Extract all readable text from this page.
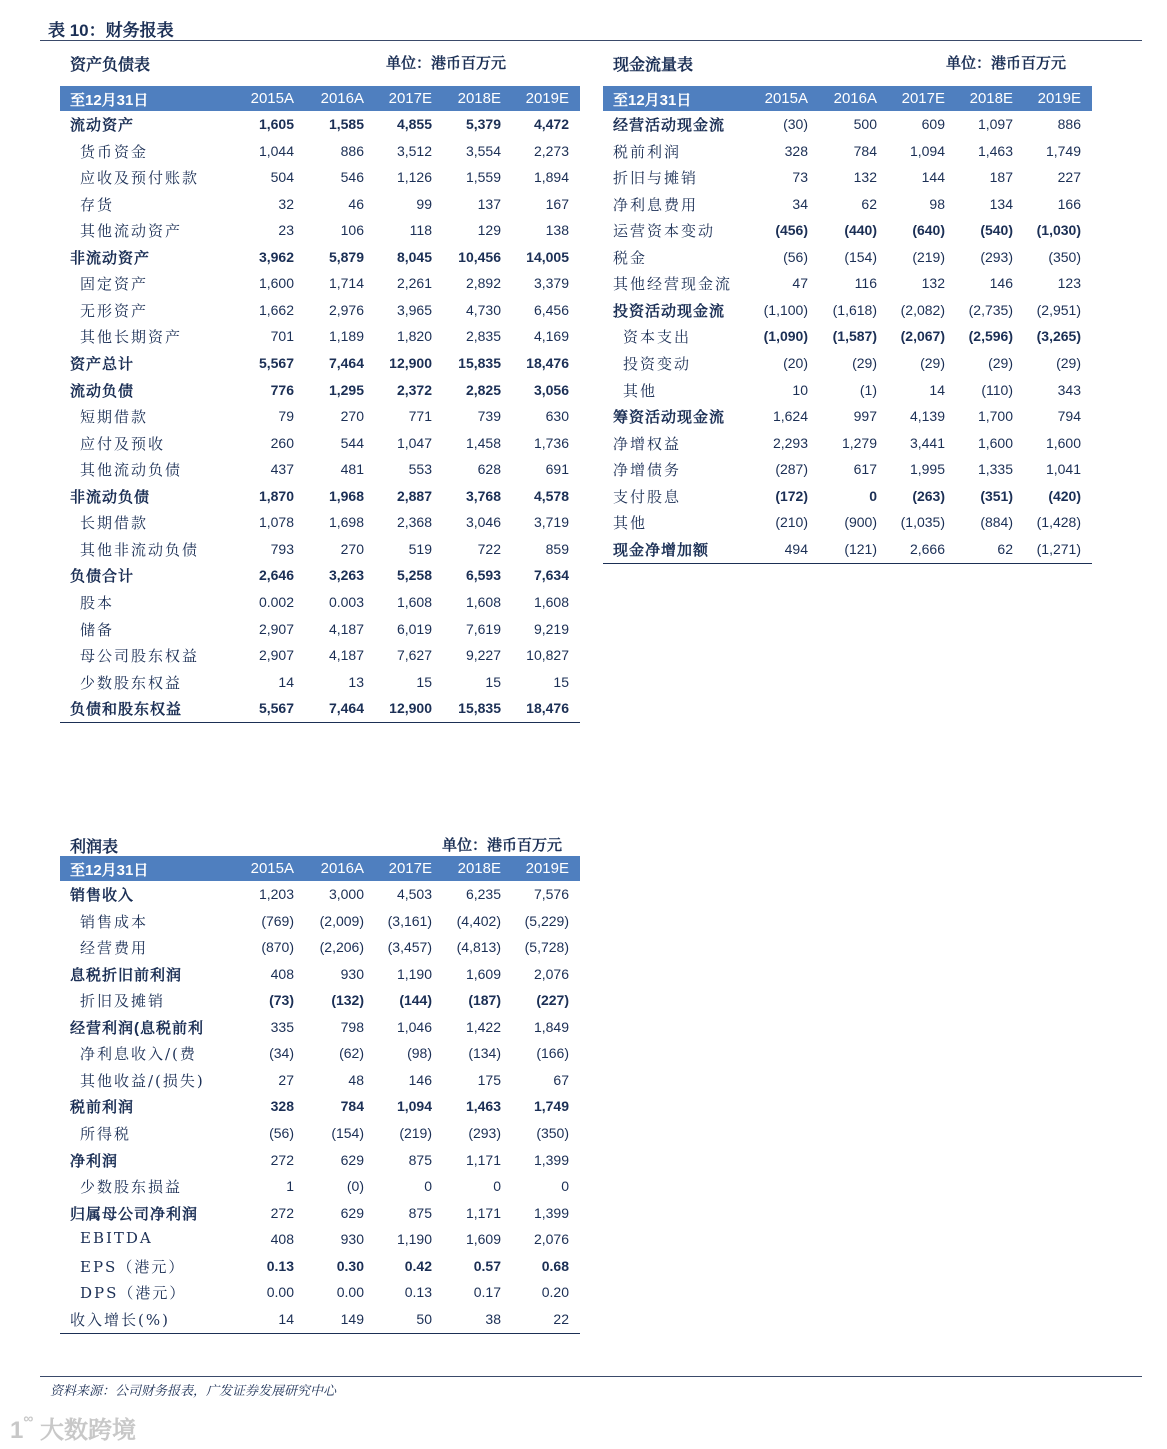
表 10：财务报表
资产负债表	单位：港币百万元
至12月31日	2015A	2016A	2017E	2018E	2019E
流动资产	1,605	1,585	4,855	5,379	4,472
货币资金	1,044	886	3,512	3,554	2,273
应收及预付账款	504	546	1,126	1,559	1,894
存货	32	46	99	137	167
其他流动资产	23	106	118	129	138
非流动资产	3,962	5,879	8,045	10,456	14,005
固定资产	1,600	1,714	2,261	2,892	3,379
无形资产	1,662	2,976	3,965	4,730	6,456
其他长期资产	701	1,189	1,820	2,835	4,169
资产总计	5,567	7,464	12,900	15,835	18,476
流动负债	776	1,295	2,372	2,825	3,056
短期借款	79	270	771	739	630
应付及预收	260	544	1,047	1,458	1,736
其他流动负债	437	481	553	628	691
非流动负债	1,870	1,968	2,887	3,768	4,578
长期借款	1,078	1,698	2,368	3,046	3,719
其他非流动负债	793	270	519	722	859
负债合计	2,646	3,263	5,258	6,593	7,634
股本	0.002	0.003	1,608	1,608	1,608
储备	2,907	4,187	6,019	7,619	9,219
母公司股东权益	2,907	4,187	7,627	9,227	10,827
少数股东权益	14	13	15	15	15
负债和股东权益	5,567	7,464	12,900	15,835	18,476
现金流量表	单位：港币百万元
至12月31日	2015A	2016A	2017E	2018E	2019E
经营活动现金流	(30)	500	609	1,097	886
税前利润	328	784	1,094	1,463	1,749
折旧与摊销	73	132	144	187	227
净利息费用	34	62	98	134	166
运营资本变动	(456)	(440)	(640)	(540)	(1,030)
税金	(56)	(154)	(219)	(293)	(350)
其他经营现金流	47	116	132	146	123
投资活动现金流	(1,100)	(1,618)	(2,082)	(2,735)	(2,951)
资本支出	(1,090)	(1,587)	(2,067)	(2,596)	(3,265)
投资变动	(20)	(29)	(29)	(29)	(29)
其他	10	(1)	14	(110)	343
筹资活动现金流	1,624	997	4,139	1,700	794
净增权益	2,293	1,279	3,441	1,600	1,600
净增债务	(287)	617	1,995	1,335	1,041
支付股息	(172)	0	(263)	(351)	(420)
其他	(210)	(900)	(1,035)	(884)	(1,428)
现金净增加额	494	(121)	2,666	62	(1,271)
利润表	单位：港币百万元
至12月31日	2015A	2016A	2017E	2018E	2019E
销售收入	1,203	3,000	4,503	6,235	7,576
销售成本	(769)	(2,009)	(3,161)	(4,402)	(5,229)
经营费用	(870)	(2,206)	(3,457)	(4,813)	(5,728)
息税折旧前利润	408	930	1,190	1,609	2,076
折旧及摊销	(73)	(132)	(144)	(187)	(227)
经营利润(息税前利	335	798	1,046	1,422	1,849
净利息收入/(费	(34)	(62)	(98)	(134)	(166)
其他收益/(损失)	27	48	146	175	67
税前利润	328	784	1,094	1,463	1,749
所得税	(56)	(154)	(219)	(293)	(350)
净利润	272	629	875	1,171	1,399
少数股东损益	1	(0)	0	0	0
归属母公司净利润	272	629	875	1,171	1,399
EBITDA	408	930	1,190	1,609	2,076
EPS（港元）	0.13	0.30	0.42	0.57	0.68
DPS（港元）	0.00	0.00	0.13	0.17	0.20
收入增长(%)	14	149	50	38	22
资料来源：公司财务报表，广发证券发展研究中心
1∞ 大数跨境
